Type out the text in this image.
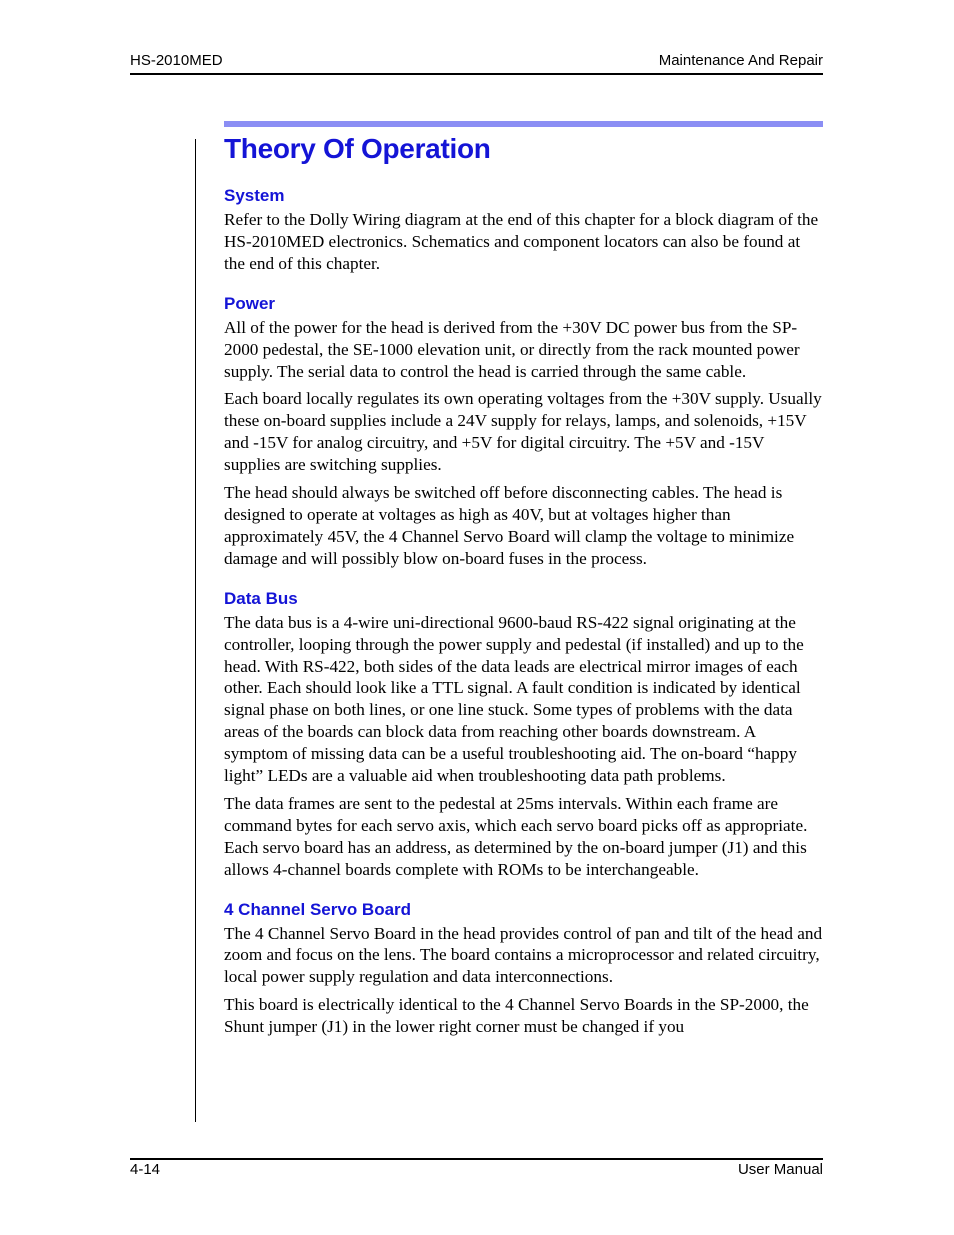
HS-2010MED	Maintenance And Repair
Theory Of Operation
System

Refer to the Dolly Wiring diagram at the end of this chapter for a block diagram of the HS-2010MED electronics. Schematics and component locators can also be found at the end of this chapter.

Power

All of the power for the head is derived from the +30V DC power bus from the SP-2000 pedestal, the SE-1000 elevation unit, or directly from the rack mounted power supply. The serial data to control the head is carried through the same cable.

Each board locally regulates its own operating voltages from the +30V supply. Usually these on-board supplies include a 24V supply for relays, lamps, and solenoids, +15V and -15V for analog circuitry, and +5V for digital circuitry. The +5V and -15V supplies are switching supplies.

The head should always be switched off before disconnecting cables. The head is designed to operate at voltages as high as 40V, but at voltages higher than approximately 45V, the 4 Channel Servo Board will clamp the voltage to minimize damage and will possibly blow on-board fuses in the process.

Data Bus

The data bus is a 4-wire uni-directional 9600-baud RS-422 signal originating at the controller, looping through the power supply and pedestal (if installed) and up to the head. With RS-422, both sides of the data leads are electrical mirror images of each other. Each should look like a TTL signal. A fault condition is indicated by identical signal phase on both lines, or one line stuck. Some types of problems with the data areas of the boards can block data from reaching other boards downstream. A symptom of missing data can be a useful troubleshooting aid. The on-board “happy light” LEDs are a valuable aid when troubleshooting data path problems.

The data frames are sent to the pedestal at 25ms intervals. Within each frame are command bytes for each servo axis, which each servo board picks off as appropriate. Each servo board has an address, as determined by the on-board jumper (J1) and this allows 4-channel boards complete with ROMs to be interchangeable.

4 Channel Servo Board

The 4 Channel Servo Board in the head provides control of pan and tilt of the head and zoom and focus on the lens. The board contains a microprocessor and related circuitry, local power supply regulation and data interconnections.

This board is electrically identical to the 4 Channel Servo Boards in the SP-2000, the Shunt jumper (J1) in the lower right corner must be changed if you

4-14	User Manual
